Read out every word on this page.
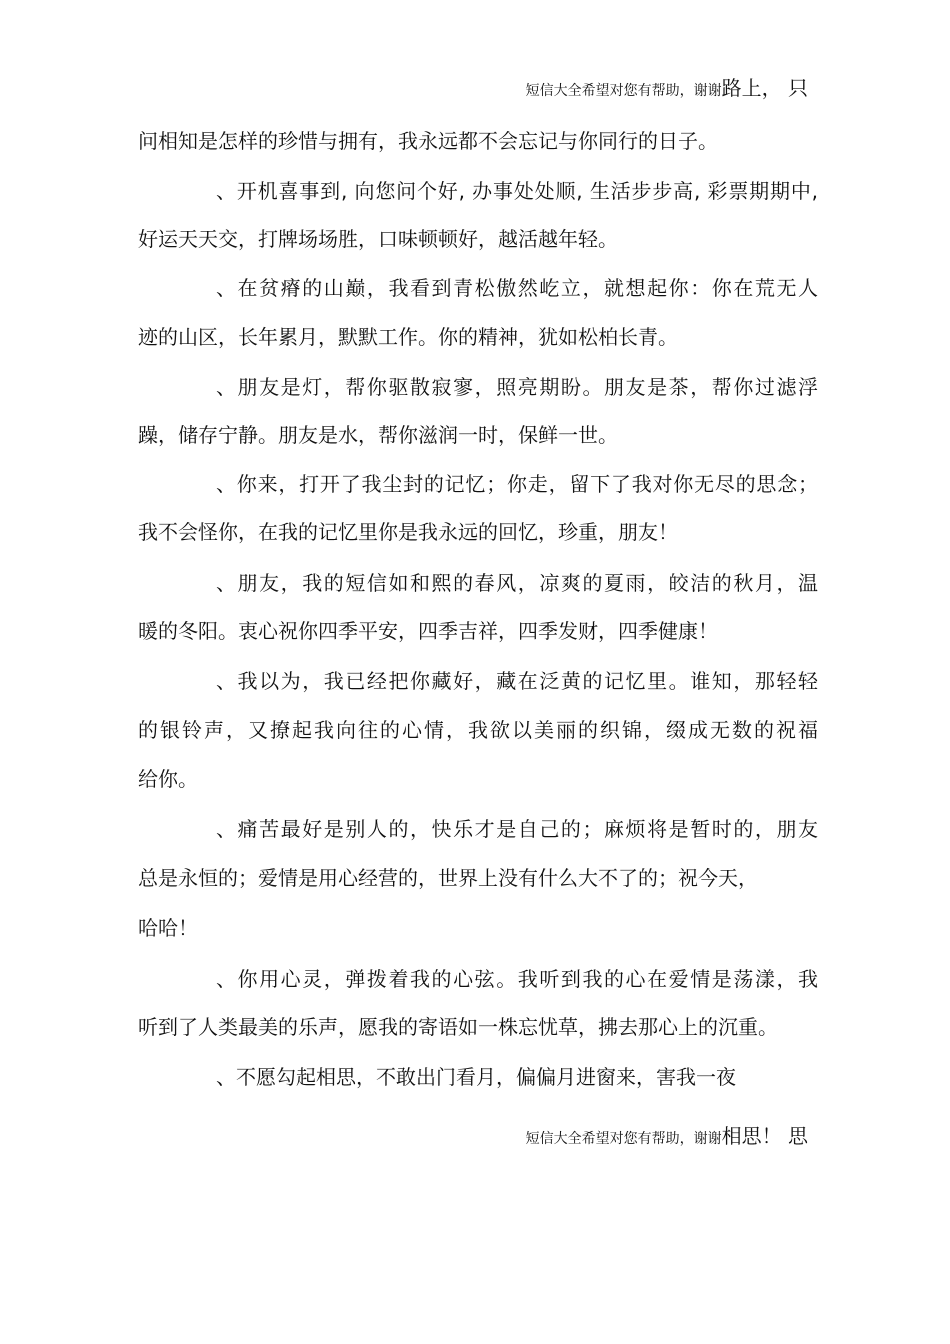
短信大全希望对您有帮助，谢谢路上， 只
问相知是怎样的珍惜与拥有，我永远都不会忘记与你同行的日子。
、开机喜事到, 向您问个好, 办事处处顺, 生活步步高, 彩票期期中,
好运天天交，打牌场场胜，口味顿顿好，越活越年轻。
、在贫瘠的山巅，我看到青松傲然屹立，就想起你：你在荒无人
迹的山区，长年累月，默默工作。你的精神，犹如松柏长青。
、朋友是灯，帮你驱散寂寥，照亮期盼。朋友是茶，帮你过滤浮
躁，储存宁静。朋友是水，帮你滋润一时，保鲜一世。
、你来，打开了我尘封的记忆；你走，留下了我对你无尽的思念；
我不会怪你，在我的记忆里你是我永远的回忆，珍重，朋友！
、朋友，我的短信如和熙的春风，凉爽的夏雨，皎洁的秋月，温
暖的冬阳。衷心祝你四季平安，四季吉祥，四季发财，四季健康！
、我以为，我已经把你藏好，藏在泛黄的记忆里。谁知，那轻轻
的银铃声，又撩起我向往的心情，我欲以美丽的织锦，缀成无数的祝福
给你。
、痛苦最好是别人的，快乐才是自己的；麻烦将是暂时的，朋友
总是永恒的；爱情是用心经营的，世界上没有什么大不了的；祝今天，
哈哈！
、你用心灵，弹拨着我的心弦。我听到我的心在爱情是荡漾，我
听到了人类最美的乐声，愿我的寄语如一株忘忧草，拂去那心上的沉重。
、不愿勾起相思，不敢出门看月，偏偏月进窗来，害我一夜
短信大全希望对您有帮助，谢谢相思！ 思
